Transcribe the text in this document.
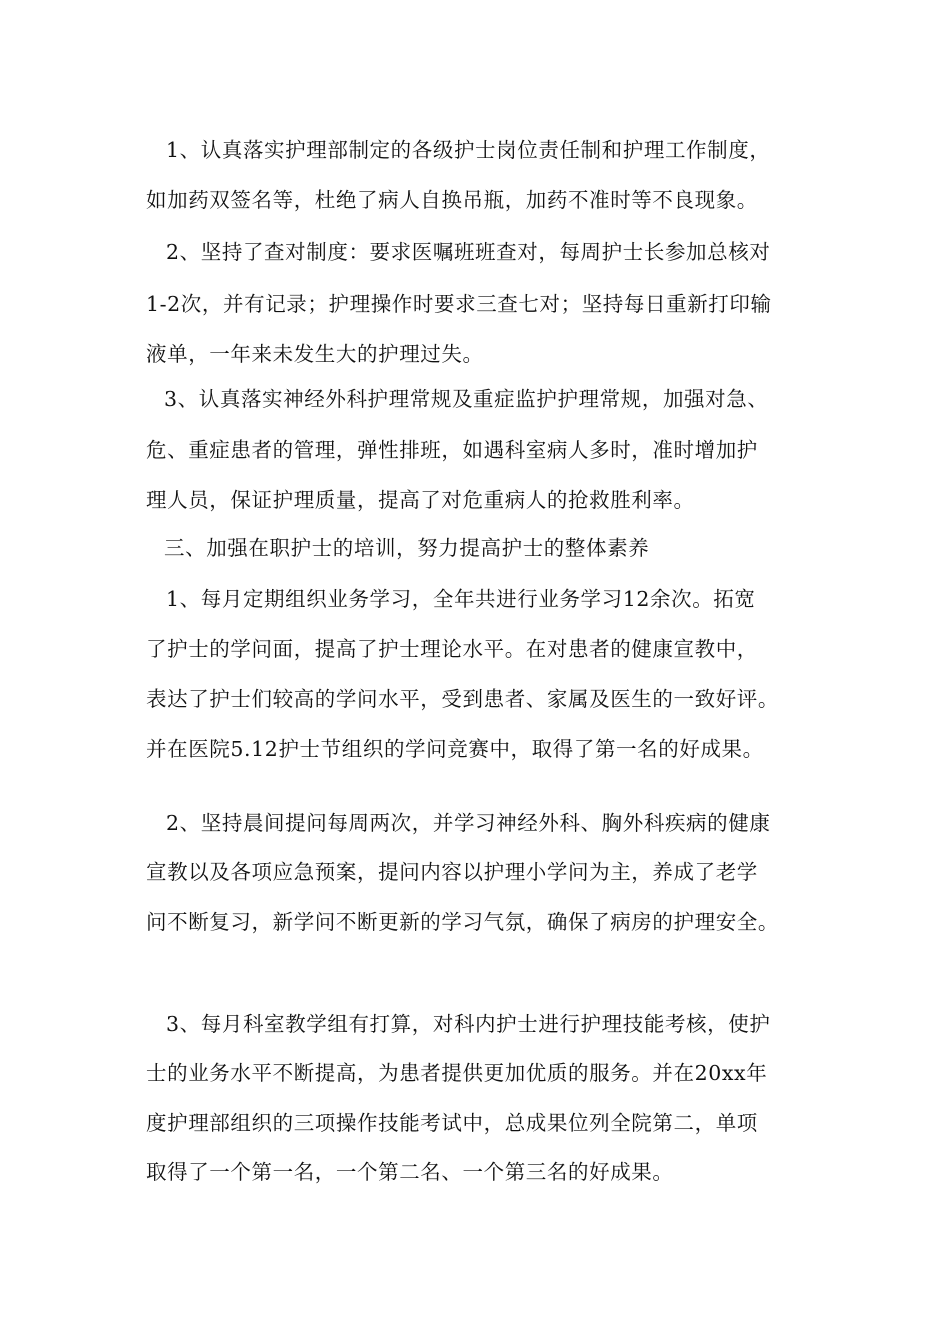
1、认真落实护理部制定的各级护士岗位责任制和护理工作制度，
如加药双签名等，杜绝了病人自换吊瓶，加药不准时等不良现象。
2、坚持了查对制度：要求医嘱班班查对，每周护士长参加总核对
1-2次，并有记录；护理操作时要求三查七对；坚持每日重新打印输
液单，一年来未发生大的护理过失。
3、认真落实神经外科护理常规及重症监护护理常规，加强对急、
危、重症患者的管理，弹性排班，如遇科室病人多时，准时增加护
理人员，保证护理质量，提高了对危重病人的抢救胜利率。
三、加强在职护士的培训，努力提高护士的整体素养
1、每月定期组织业务学习，全年共进行业务学习12余次。拓宽
了护士的学问面，提高了护士理论水平。在对患者的健康宣教中，
表达了护士们较高的学问水平，受到患者、家属及医生的一致好评。
并在医院5.12护士节组织的学问竞赛中，取得了第一名的好成果。
2、坚持晨间提问每周两次，并学习神经外科、胸外科疾病的健康
宣教以及各项应急预案，提问内容以护理小学问为主，养成了老学
问不断复习，新学问不断更新的学习气氛，确保了病房的护理安全。
3、每月科室教学组有打算，对科内护士进行护理技能考核，使护
士的业务水平不断提高，为患者提供更加优质的服务。并在20xx年
度护理部组织的三项操作技能考试中，总成果位列全院第二，单项
取得了一个第一名，一个第二名、一个第三名的好成果。
